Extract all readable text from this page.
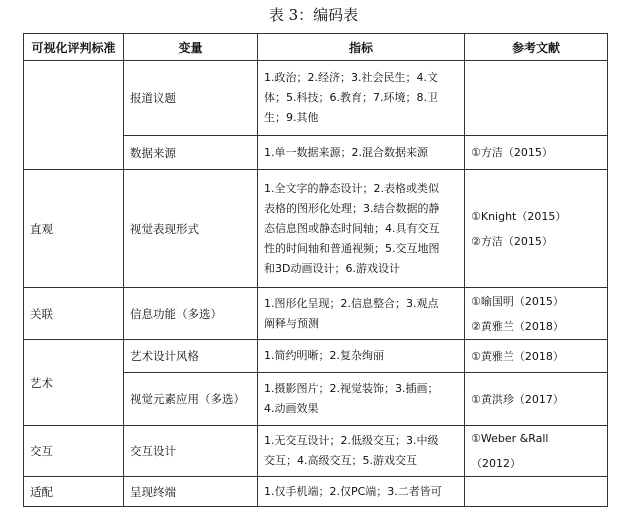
表 3：编码表
可视化评判标准	变量	指标	参考文献
	报道议题	1.政治；2.经济；3.社会民生；4.文
体；5.科技；6.教育；7.环境；8.卫
生；9.其他	

	数据来源	1.单一数据来源；2.混合数据来源	①方洁（2015）

直观	视觉表现形式	1.全文字的静态设计；2.表格或类似
表格的图形化处理；3.结合数据的静
态信息图或静态时间轴；4.具有交互
性的时间轴和普通视频；5.交互地图
和3D动画设计；6.游戏设计	①Knight（2015）
②方洁（2015）

关联	信息功能（多选）	1.图形化呈现；2.信息整合；3.观点
阐释与预测	①喻国明（2015）
②黄雅兰（2018）

艺术	艺术设计风格	1.简约明晰；2.复杂绚丽	①黄雅兰（2018）

	视觉元素应用（多选）	1.摄影图片；2.视觉装饰；3.插画；
4.动画效果	①黄洪珍（2017）

交互	交互设计	1.无交互设计；2.低级交互；3.中级
交互；4.高级交互；5.游戏交互	①Weber &Rall
（2012）

适配	呈现终端	1.仅手机端；2.仅PC端；3.二者皆可	
